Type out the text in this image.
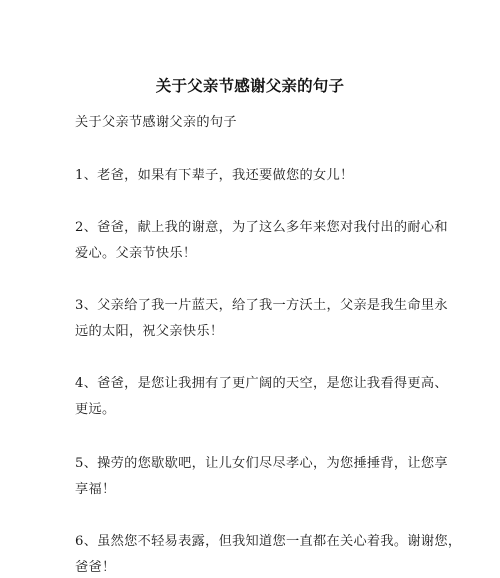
关于父亲节感谢父亲的句子
关于父亲节感谢父亲的句子
1、老爸，如果有下辈子，我还要做您的女儿！
2、爸爸，献上我的谢意，为了这么多年来您对我付出的耐心和
爱心。父亲节快乐！
3、父亲给了我一片蓝天，给了我一方沃土，父亲是我生命里永
远的太阳，祝父亲快乐！
4、爸爸，是您让我拥有了更广阔的天空，是您让我看得更高、
更远。
5、操劳的您歇歇吧，让儿女们尽尽孝心，为您捶捶背，让您享
享福！
6、虽然您不轻易表露，但我知道您一直都在关心着我。谢谢您，
爸爸！
